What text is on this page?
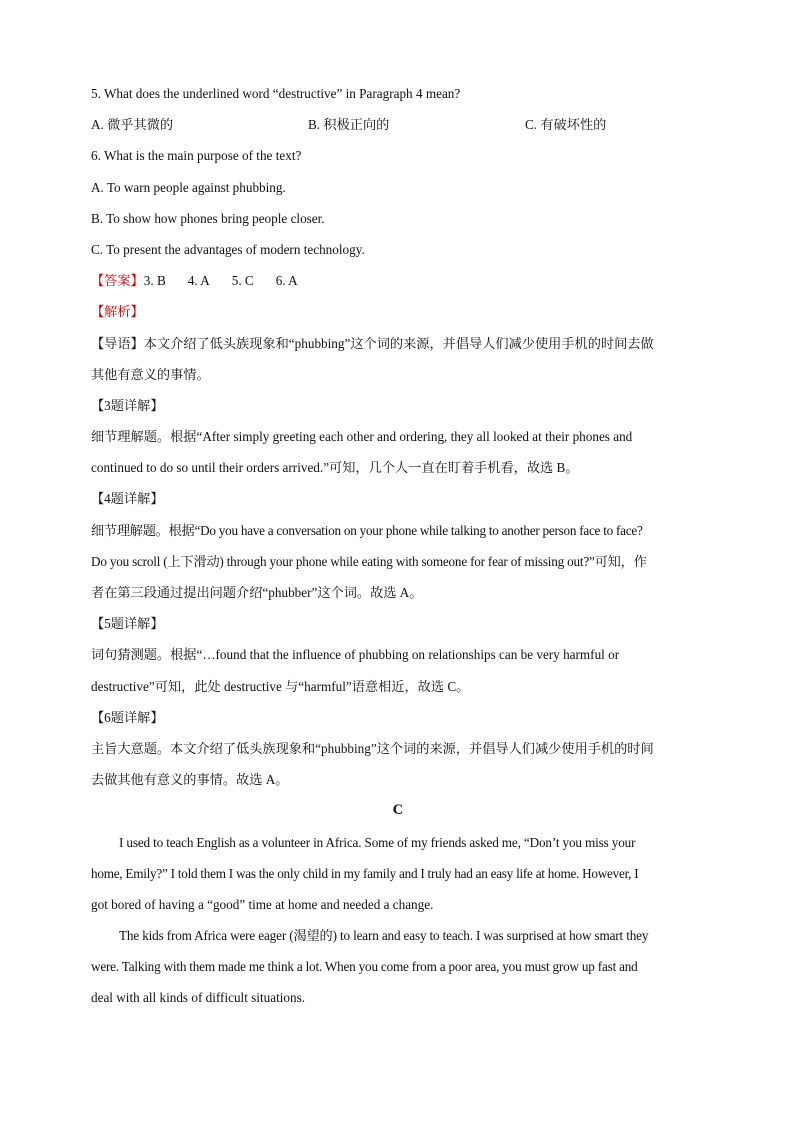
5. What does the underlined word “destructive” in Paragraph 4 mean?
A. 微乎其微的	B. 积极正向的	C. 有破坏性的
6. What is the main purpose of the text?
A. To warn people against phubbing.
B. To show how phones bring people closer.
C. To present the advantages of modern technology.
【答案】3. B 4. A 5. C 6. A
【解析】
【导语】本文介绍了低头族现象和“phubbing”这个词的来源，并倡导人们减少使用手机的时间去做
其他有意义的事情。
【3题详解】
细节理解题。根据“After simply greeting each other and ordering, they all looked at their phones and
continued to do so until their orders arrived.”可知，几个人一直在盯着手机看，故选 B。
【4题详解】
细节理解题。根据“Do you have a conversation on your phone while talking to another person face to face?
Do you scroll (上下滑动) through your phone while eating with someone for fear of missing out?”可知，作
者在第三段通过提出问题介绍“phubber”这个词。故选 A。
【5题详解】
词句猜测题。根据“…found that the influence of phubbing on relationships can be very harmful or
destructive”可知，此处 destructive 与“harmful”语意相近，故选 C。
【6题详解】
主旨大意题。本文介绍了低头族现象和“phubbing”这个词的来源，并倡导人们减少使用手机的时间
去做其他有意义的事情。故选 A。
C
I used to teach English as a volunteer in Africa. Some of my friends asked me, “Don’t you miss your
home, Emily?” I told them I was the only child in my family and I truly had an easy life at home. However, I
got bored of having a “good” time at home and needed a change.
The kids from Africa were eager (渴望的) to learn and easy to teach. I was surprised at how smart they
were. Talking with them made me think a lot. When you come from a poor area, you must grow up fast and
deal with all kinds of difficult situations.
